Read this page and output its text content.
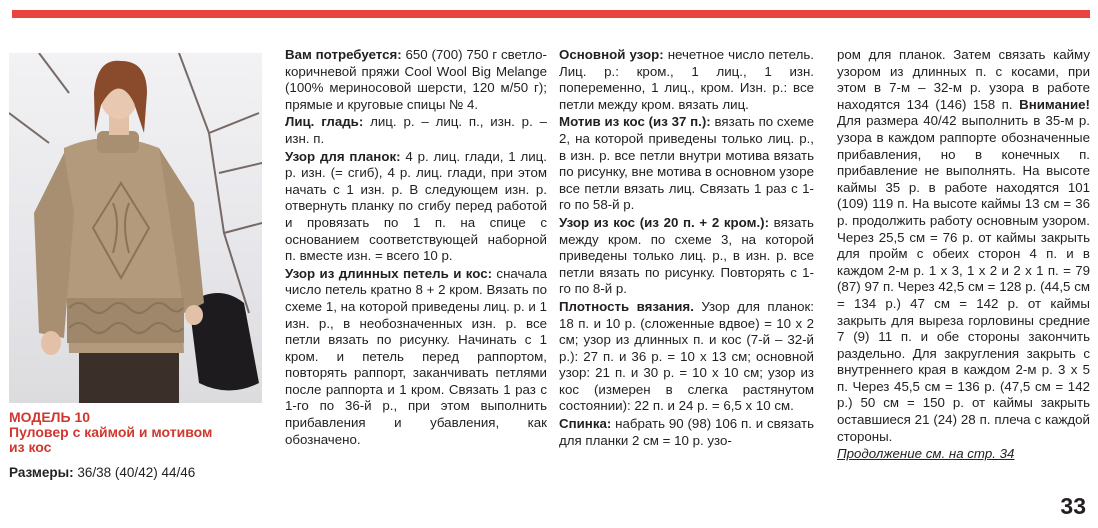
МОДЕЛЬ 10
Пуловер с каймой и мотивом
из кос
Размеры: 36/38 (40/42) 44/46

Вам потребуется: 650 (700) 750 г светло-коричневой пряжи Cool Wool Big Melange (100% мериносовой шерсти, 120 м/50 г); прямые и круговые спицы № 4.

Лиц. гладь: лиц. р. – лиц. п., изн. р. – изн. п.

Узор для планок: 4 р. лиц. глади, 1 лиц. р. изн. (= сгиб), 4 р. лиц. глади, при этом начать с 1 изн. р. В следующем изн. р. отвернуть планку по сгибу перед работой и провязать по 1 п. на спице с основанием соответствующей наборной п. вместе изн. = всего 10 р.

Узор из длинных петель и кос: сначала число петель кратно 8 + 2 кром. Вязать по схеме 1, на которой приведены лиц. р. и 1 изн. р., в необозначенных изн. р. все петли вязать по рисунку. Начинать с 1 кром. и петель перед раппортом, повторять раппорт, заканчивать петлями после раппорта и 1 кром. Связать 1 раз с 1-го по 36-й р., при этом выполнить прибавления и убавления, как обозначено.

Основной узор: нечетное число петель. Лиц. р.: кром., 1 лиц., 1 изн. попеременно, 1 лиц., кром. Изн. р.: все петли между кром. вязать лиц.

Мотив из кос (из 37 п.): вязать по схеме 2, на которой приведены только лиц. р., в изн. р. все петли внутри мотива вязать по рисунку, вне мотива в основном узоре все петли вязать лиц. Связать 1 раз с 1-го по 58-й р.

Узор из кос (из 20 п. + 2 кром.): вязать между кром. по схеме 3, на которой приведены только лиц. р., в изн. р. все петли вязать по рисунку. Повторять с 1-го по 8-й р.

Плотность вязания. Узор для планок: 18 п. и 10 р. (сложенные вдвое) = 10 х 2 см; узор из длинных п. и кос (7-й – 32-й р.): 27 п. и 36 р. = 10 х 13 см; основной узор: 21 п. и 30 р. = 10 х 10 см; узор из кос (измерен в слегка растянутом состоянии): 22 п. и 24 р. = 6,5 х 10 см.

Спинка: набрать 90 (98) 106 п. и связать для планки 2 см = 10 р. узо-

ром для планок. Затем связать кайму узором из длинных п. с косами, при этом в 7-м – 32-м р. узора в работе находятся 134 (146) 158 п. Внимание! Для размера 40/42 выполнить в 35-м р. узора в каждом раппорте обозначенные прибавления, но в конечных п. прибавление не выполнять. На высоте каймы 35 р. в работе находятся 101 (109) 119 п. На высоте каймы 13 см = 36 р. продолжить работу основным узором. Через 25,5 см = 76 р. от каймы закрыть для пройм с обеих сторон 4 п. и в каждом 2-м р. 1 х 3, 1 х 2 и 2 х 1 п. = 79 (87) 97 п. Через 42,5 см = 128 р. (44,5 см = 134 р.) 47 см = 142 р. от каймы закрыть для выреза горловины средние 7 (9) 11 п. и обе стороны закончить раздельно. Для закругления закрыть с внутреннего края в каждом 2-м р. 3 х 5 п. Через 45,5 см = 136 р. (47,5 см = 142 р.) 50 см = 150 р. от каймы закрыть оставшиеся 21 (24) 28 п. плеча с каждой стороны.

Продолжение см. на стр. 34

33
